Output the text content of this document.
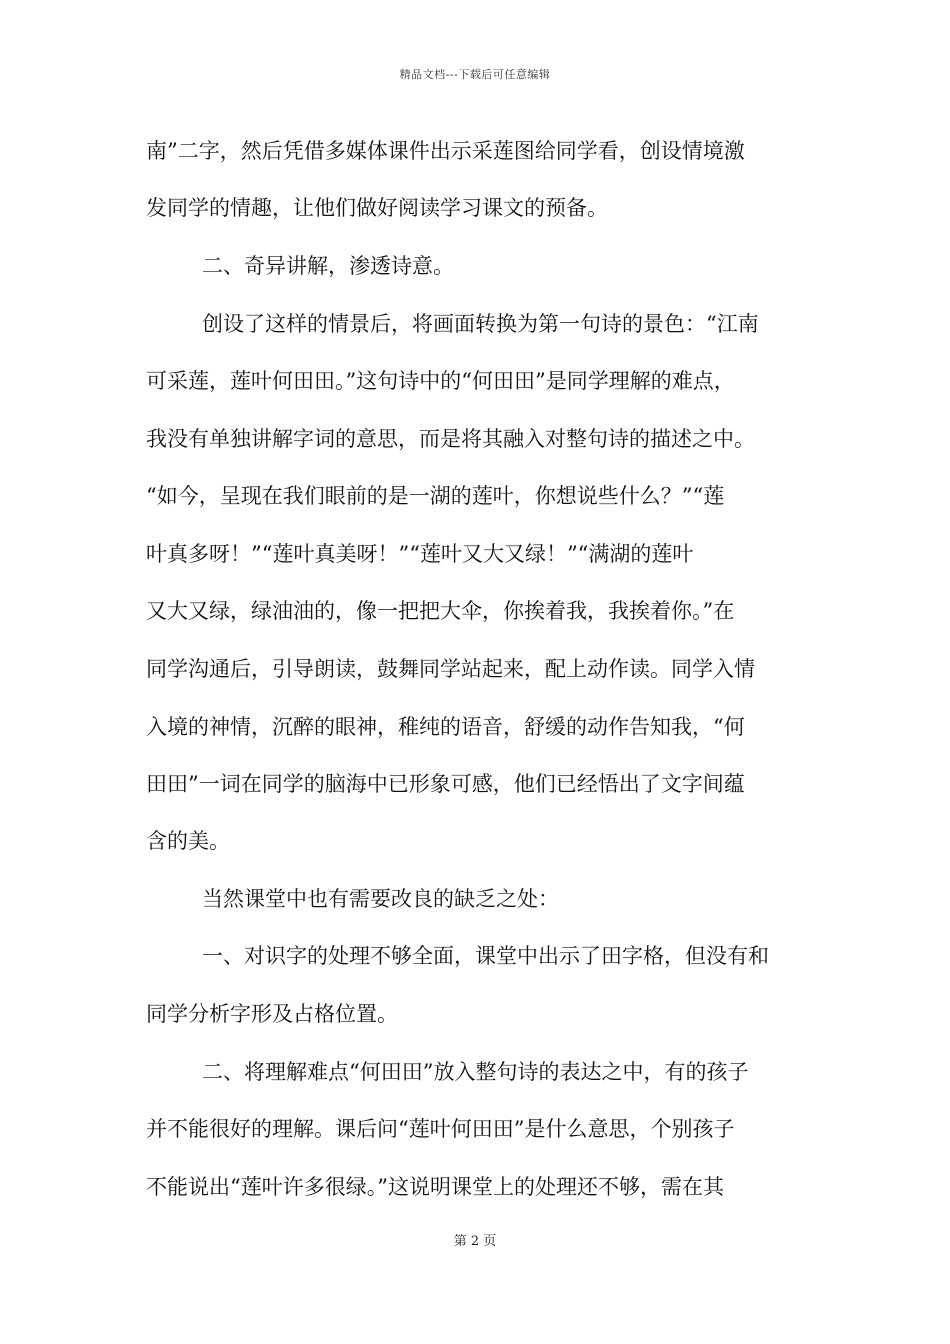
精品文档---下载后可任意编辑
南”二字，然后凭借多媒体课件出示采莲图给同学看，创设情境激
发同学的情趣，让他们做好阅读学习课文的预备。
二、奇异讲解，渗透诗意。
创设了这样的情景后，将画面转换为第一句诗的景色：“江南
可采莲，莲叶何田田。”这句诗中的“何田田”是同学理解的难点，
我没有单独讲解字词的意思，而是将其融入对整句诗的描述之中。
“如今，呈现在我们眼前的是一湖的莲叶，你想说些什么？”“莲
叶真多呀！”“莲叶真美呀！”“莲叶又大又绿！”“满湖的莲叶
又大又绿，绿油油的，像一把把大伞，你挨着我，我挨着你。”在
同学沟通后，引导朗读，鼓舞同学站起来，配上动作读。同学入情
入境的神情，沉醉的眼神，稚纯的语音，舒缓的动作告知我，“何
田田”一词在同学的脑海中已形象可感，他们已经悟出了文字间蕴
含的美。
当然课堂中也有需要改良的缺乏之处：
一、对识字的处理不够全面，课堂中出示了田字格，但没有和
同学分析字形及占格位置。
二、将理解难点“何田田”放入整句诗的表达之中，有的孩子
并不能很好的理解。课后问“莲叶何田田”是什么意思，个别孩子
不能说出“莲叶许多很绿。”这说明课堂上的处理还不够，需在其
第 2 页
